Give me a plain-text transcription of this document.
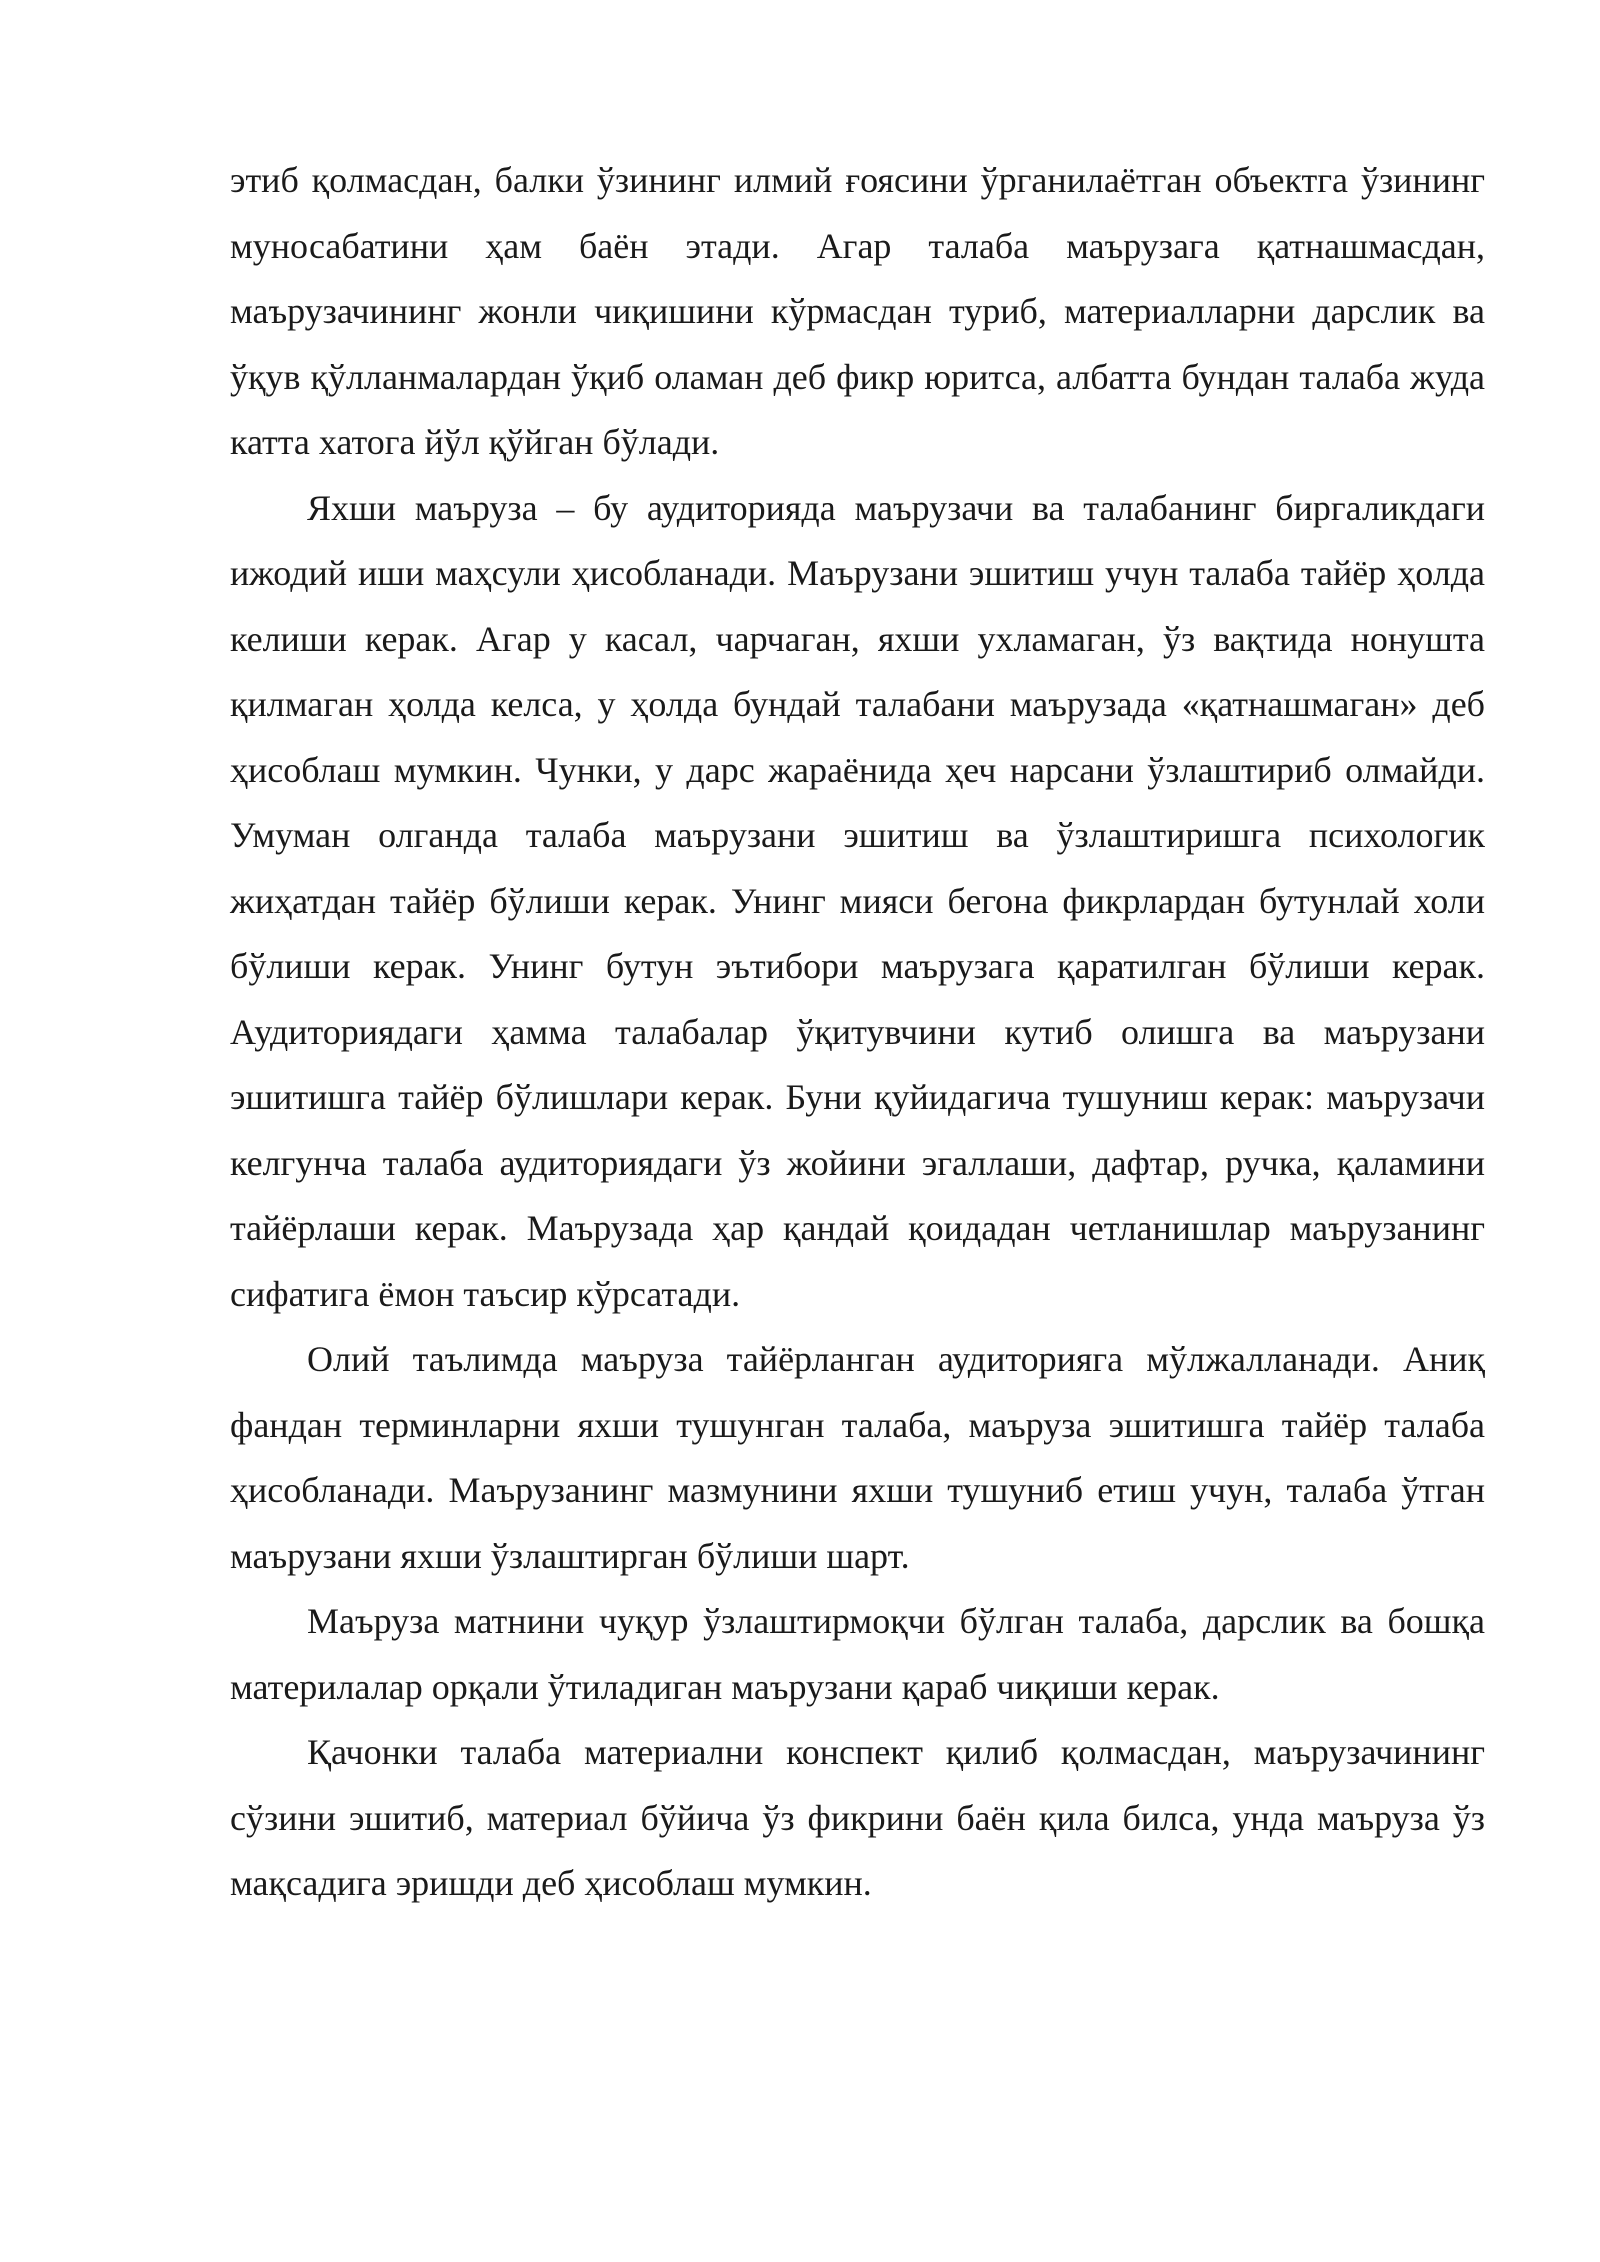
этиб қолмасдан, балки ўзининг илмий ғоясини ўрганилаётган объектга ўзининг муносабатини ҳам баён этади. Агар талаба маърузага қатнашмасдан, маърузачининг жонли чиқишини кўрмасдан туриб, материалларни дарслик ва ўқув қўлланмалардан ўқиб оламан деб фикр юритса, албатта бундан талаба жуда катта хатога йўл қўйган бўлади.

Яхши маъруза – бу аудиторияда маърузачи ва талабанинг биргаликдаги ижодий иши маҳсули ҳисобланади. Маърузани эшитиш учун талаба тайёр ҳолда келиши керак. Агар у касал, чарчаган, яхши ухламаган, ўз вақтида нонушта қилмаган ҳолда келса, у ҳолда бундай талабани маърузада «қатнашмаган» деб ҳисоблаш мумкин. Чунки, у дарс жараёнида ҳеч нарсани ўзлаштириб олмайди. Умуман олганда талаба маърузани эшитиш ва ўзлаштиришга психологик жиҳатдан тайёр бўлиши керак. Унинг мияси бегона фикрлардан бутунлай холи бўлиши керак. Унинг бутун эътибори маърузага қаратилган бўлиши керак. Аудиториядаги ҳамма талабалар ўқитувчини кутиб олишга ва маърузани эшитишга тайёр бўлишлари керак. Буни қуйидагича тушуниш керак: маърузачи келгунча талаба аудиториядаги ўз жойини эгаллаши, дафтар, ручка, қаламини тайёрлаши керак. Маърузада ҳар қандай қоидадан четланишлар маърузанинг сифатига ёмон таъсир кўрсатади.

Олий таълимда маъруза тайёрланган аудиторияга мўлжалланади. Аниқ фандан терминларни яхши тушунган талаба, маъруза эшитишга тайёр талаба ҳисобланади. Маърузанинг мазмунини яхши тушуниб етиш учун, талаба ўтган маърузани яхши ўзлаштирган бўлиши шарт.

Маъруза матнини чуқур ўзлаштирмоқчи бўлган талаба, дарслик ва бошқа материлалар орқали ўтиладиган маърузани қараб чиқиши керак.

Қачонки талаба материални конспект қилиб қолмасдан, маърузачининг сўзини эшитиб, материал бўйича ўз фикрини баён қила билса, унда маъруза ўз мақсадига эришди деб ҳисоблаш мумкин.
